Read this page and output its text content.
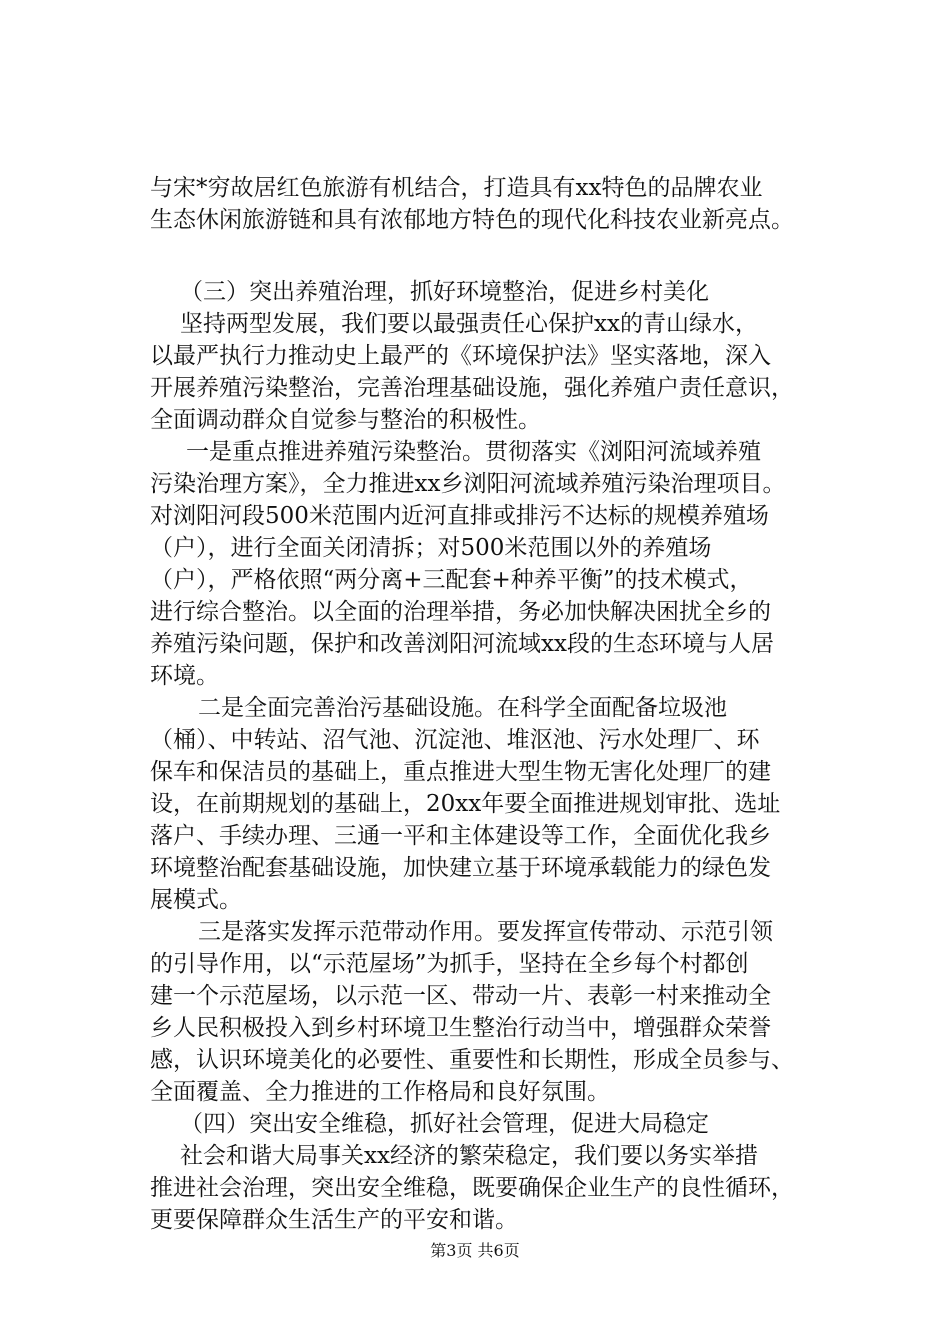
与宋*穷故居红色旅游有机结合，打造具有xx特色的品牌农业
生态休闲旅游链和具有浓郁地方特色的现代化科技农业新亮点。
（三）突出养殖治理，抓好环境整治，促进乡村美化
坚持两型发展，我们要以最强责任心保护xx的青山绿水，
以最严执行力推动史上最严的《环境保护法》坚实落地，深入
开展养殖污染整治，完善治理基础设施，强化养殖户责任意识，
全面调动群众自觉参与整治的积极性。
一是重点推进养殖污染整治。贯彻落实《浏阳河流域养殖
污染治理方案》，全力推进xx乡浏阳河流域养殖污染治理项目。
对浏阳河段500米范围内近河直排或排污不达标的规模养殖场
（户），进行全面关闭清拆；对500米范围以外的养殖场
（户），严格依照“两分离+三配套+种养平衡”的技术模式，
进行综合整治。以全面的治理举措，务必加快解决困扰全乡的
养殖污染问题，保护和改善浏阳河流域xx段的生态环境与人居
环境。
二是全面完善治污基础设施。在科学全面配备垃圾池
（桶）、中转站、沼气池、沉淀池、堆沤池、污水处理厂、环
保车和保洁员的基础上，重点推进大型生物无害化处理厂的建
设，在前期规划的基础上，20xx年要全面推进规划审批、选址
落户、手续办理、三通一平和主体建设等工作，全面优化我乡
环境整治配套基础设施，加快建立基于环境承载能力的绿色发
展模式。
三是落实发挥示范带动作用。要发挥宣传带动、示范引领
的引导作用，以“示范屋场”为抓手，坚持在全乡每个村都创
建一个示范屋场，以示范一区、带动一片、表彰一村来推动全
乡人民积极投入到乡村环境卫生整治行动当中，增强群众荣誉
感，认识环境美化的必要性、重要性和长期性，形成全员参与、
全面覆盖、全力推进的工作格局和良好氛围。
（四）突出安全维稳，抓好社会管理，促进大局稳定
社会和谐大局事关xx经济的繁荣稳定，我们要以务实举措
推进社会治理，突出安全维稳，既要确保企业生产的良性循环，
更要保障群众生活生产的平安和谐。
第3页 共6页
